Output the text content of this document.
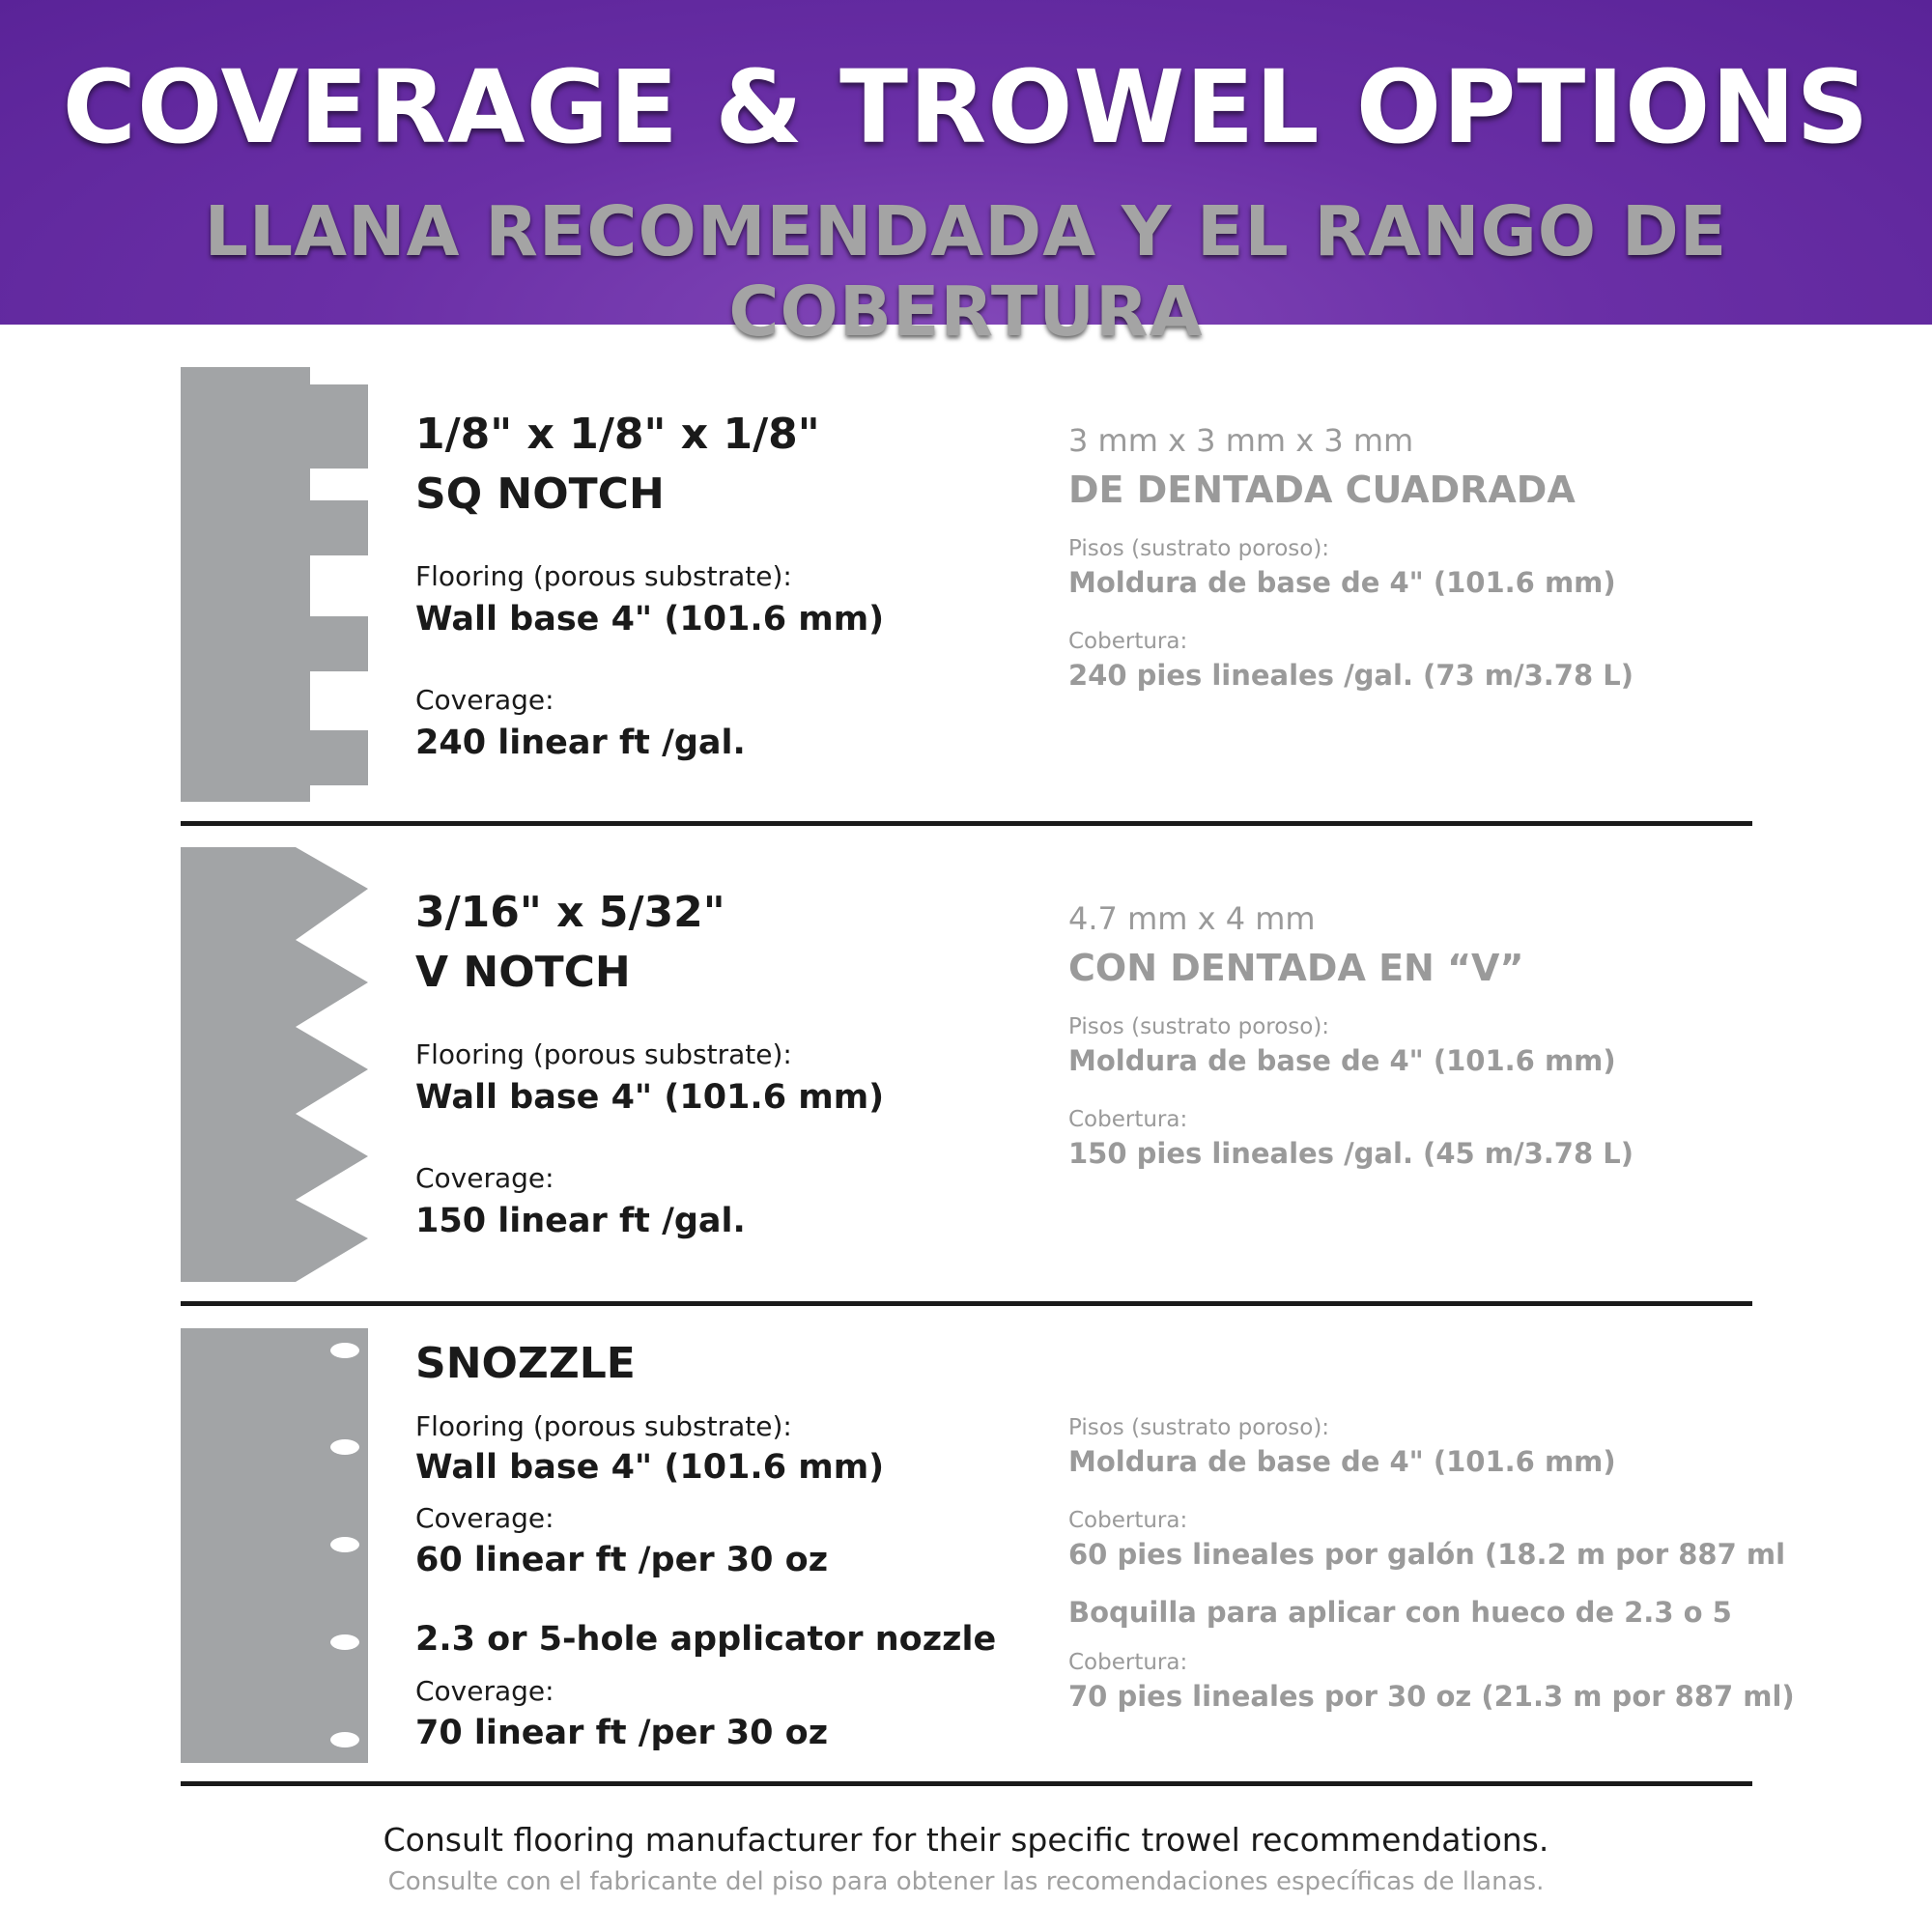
COVERAGE & TROWEL OPTIONS
LLANA RECOMENDADA Y EL RANGO DE COBERTURA
1/8" x 1/8" x 1/8"
SQ NOTCH
Flooring (porous substrate):
Wall base 4" (101.6 mm)
Coverage:
240 linear ft /gal.
3 mm x 3 mm x 3 mm
DE DENTADA CUADRADA
Pisos (sustrato poroso):
Moldura de base de 4" (101.6 mm)
Cobertura:
240 pies lineales /gal. (73 m/3.78 L)
3/16" x 5/32"
V NOTCH
Flooring (porous substrate):
Wall base 4" (101.6 mm)
Coverage:
150 linear ft /gal.
4.7 mm x 4 mm
CON DENTADA EN “V”
Pisos (sustrato poroso):
Moldura de base de 4" (101.6 mm)
Cobertura:
150 pies lineales /gal. (45 m/3.78 L)
SNOZZLE
Flooring (porous substrate):
Wall base 4" (101.6 mm)
Coverage:
60 linear ft /per 30 oz
2.3 or 5-hole applicator nozzle
Coverage:
70 linear ft /per 30 oz
Pisos (sustrato poroso):
Moldura de base de 4" (101.6 mm)
Cobertura:
60 pies lineales por galón (18.2 m por 887 ml
Boquilla para aplicar con hueco de 2.3 o 5
Cobertura:
70 pies lineales por 30 oz (21.3 m por 887 ml)
Consult flooring manufacturer for their specific trowel recommendations.
Consulte con el fabricante del piso para obtener las recomendaciones específicas de llanas.
